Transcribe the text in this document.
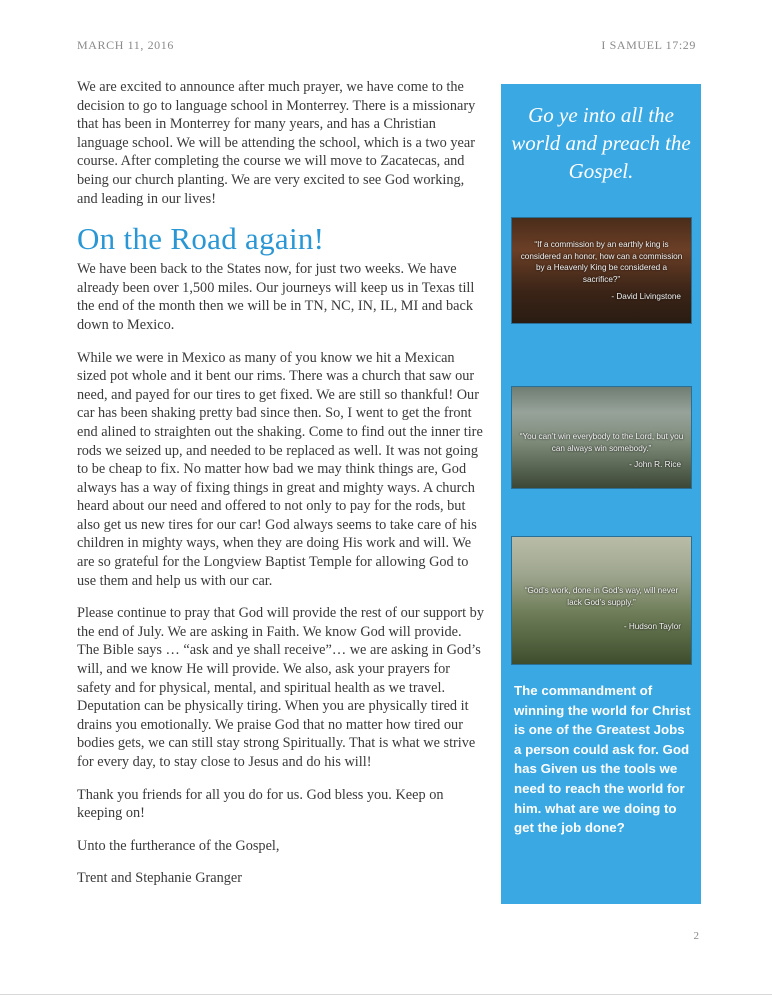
MARCH 11, 2016	I SAMUEL 17:29

We are excited to announce after much prayer, we have come to the decision to go to language school in Monterrey. There is a missionary that has been in Monterrey for many years, and has a Christian language school. We will be attending the school, which is a two year course. After completing the course we will move to Zacatecas, and being our church planting. We are very excited to see God working, and leading in our lives!

On the Road again!

We have been back to the States now, for just two weeks. We have already been over 1,500 miles. Our journeys will keep us in Texas till the end of the month then we will be in TN, NC, IN, IL, MI and back down to Mexico.

While we were in Mexico as many of you know we hit a Mexican sized pot whole and it bent our rims. There was a church that saw our need, and payed for our tires to get fixed. We are still so thankful! Our car has been shaking pretty bad since then. So, I went to get the front end alined to straighten out the shaking. Come to find out the inner tire rods we seized up, and needed to be replaced as well. It was not going to be cheap to fix. No matter how bad we may think things are, God always has a way of fixing things in great and mighty ways. A church heard about our need and offered to not only to pay for the rods, but also get us new tires for our car! God always seems to take care of his children in mighty ways, when they are doing His work and will. We are so grateful for the Longview Baptist Temple for allowing God to use them and help us with our car.

Please continue to pray that God will provide the rest of our support by the end of July. We are asking in Faith. We know God will provide. The Bible says … “ask and ye shall receive”… we are asking in God’s will, and we know He will provide. We also, ask your prayers for safety and for physical, mental, and spiritual health as we travel. Deputation can be physically tiring. When you are physically tired it drains you emotionally. We praise God that no matter how tired our bodies gets, we can still stay strong Spiritually. That is what we strive for every day, to stay close to Jesus and do his will!

Thank you friends for all you do for us. God bless you. Keep on keeping on!

Unto the furtherance of the Gospel,

Trent and Stephanie Granger

Go ye into all the world and preach the Gospel.
“If a commission by an earthly king is considered an honor, how can a commission by a Heavenly King be considered a sacrifice?”
- David Livingstone
“You can’t win everybody to the Lord, but you can always win somebody.”
- John R. Rice
“God’s work, done in God’s way, will never lack God’s supply.”
- Hudson Taylor
The commandment of winning the world for Christ is one of the Greatest Jobs a person could ask for. God has Given us the tools we need to reach the world for him. what are we doing to get the job done?
2
